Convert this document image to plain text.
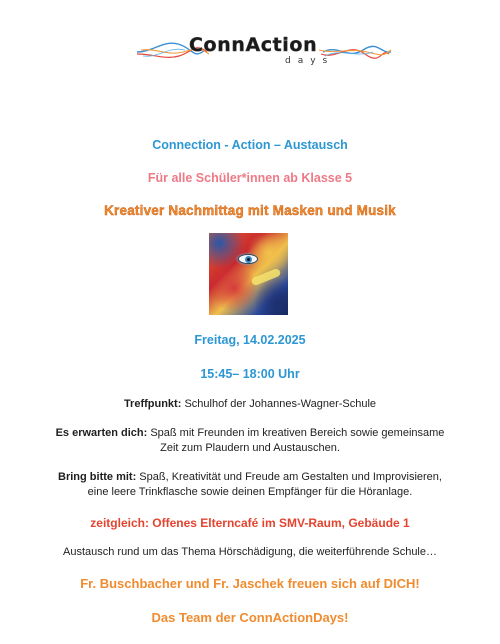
ConnAction
days
Connection - Action – Austausch
Für alle Schüler*innen ab Klasse 5
Kreativer Nachmittag mit Masken und Musik
Freitag, 14.02.2025
15:45– 18:00 Uhr
Treffpunkt: Schulhof der Johannes-Wagner-Schule
Es erwarten dich: Spaß mit Freunden im kreativen Bereich sowie gemeinsame
Zeit zum Plaudern und Austauschen.
Bring bitte mit: Spaß, Kreativität und Freude am Gestalten und Improvisieren,
eine leere Trinkflasche sowie deinen Empfänger für die Höranlage.
zeitgleich: Offenes Elterncafé im SMV-Raum, Gebäude 1
Austausch rund um das Thema Hörschädigung, die weiterführende Schule…
Fr. Buschbacher und Fr. Jaschek freuen sich auf DICH!
Das Team der ConnActionDays!
